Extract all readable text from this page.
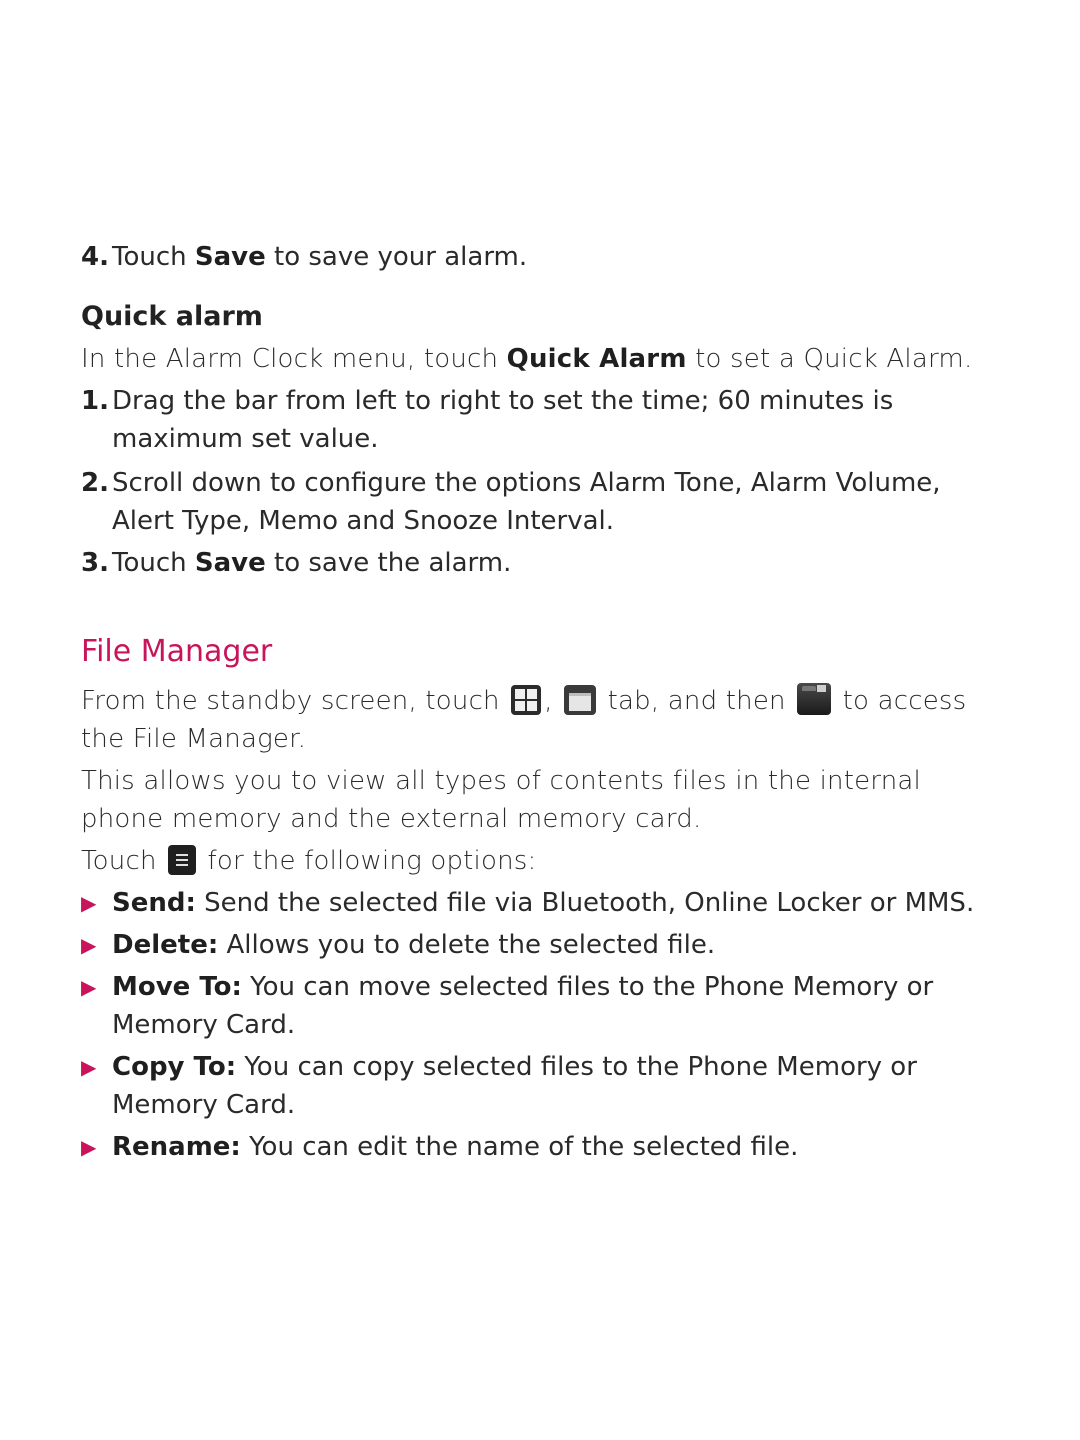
4. Touch Save to save your alarm.
Quick alarm
In the Alarm Clock menu, touch Quick Alarm to set a Quick Alarm.
1. Drag the bar from left to right to set the time; 60 minutes is maximum set value.
2. Scroll down to configure the options Alarm Tone, Alarm Volume, Alert Type, Memo and Snooze Interval.
3. Touch Save to save the alarm.
File Manager
From the standby screen, touch
,  tab, and then  to access the File Manager.
This allows you to view all types of contents files in the internal phone memory and the external memory card.
Touch
for the following options:
▶ Send: Send the selected file via Bluetooth, Online Locker or MMS.
▶ Delete: Allows you to delete the selected file.
▶ Move To: You can move selected files to the Phone Memory or Memory Card.
▶ Copy To: You can copy selected files to the Phone Memory or Memory Card.
▶ Rename: You can edit the name of the selected file.
